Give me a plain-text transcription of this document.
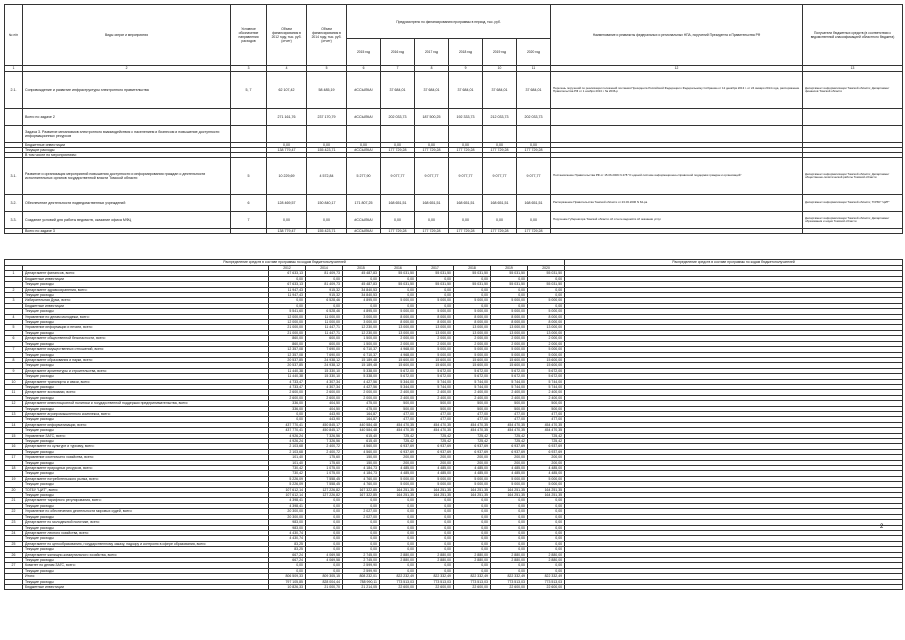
№ п/п	Виды затрат и мероприятия	Условное обозначение направления расходов	Объем финансирования в 2012 году, тыс. руб. (отчет)	Объем финансирования в 2014 году, тыс. руб. (отчет)	Предусмотрено по финансированию программы в период, тыс. руб.						Наименование и реквизиты федеральных и региональных НПА, поручений Президента и Правительства РФ	Получатели бюджетных средств (в соответствии с ведомственной классификацией областного бюджета)
					2015 год	2016 год	2017 год	2018 год	2019 год	2020 год		
1	2	3	4	5	6	7	8	9	10	11	12	13
2.1.	Сопровождение и развитие инфраструктуры электронного правительства	5, 7	62 107,42	58 485,19	#ССЫЛКА!	37 684,01	37 684,01	37 684,01	37 684,01	37 684,01	Перечень поручений по реализации положений послания Президента Российской Федерации к Федеральному Собранию от 12 декабря 2013 г. от 24 января 2014 года, распоряжение Правительства РФ от 1 ноября 2013 г. № 2036-р	Департамент информатизации Томской области; Департамент финансов Томской области
	Всего по задаче 2		271 161,76	237 170,79	#ССЫЛКА!	202 033,73	187 500,25	192 333,73	212 033,73	202 033,73		
	Задача 3. Развитие механизмов электронного взаимодействия с населением и бизнесом и повышение доступности информационных ресурсов											
	Бюджетные инвестиции		0,00	0,00	0,00	0,00	0,00	0,00	0,00	0,00		
	Текущие расходы		138 779,47	155 423,71	#ССЫЛКА!	177 729,28	177 729,28	177 729,28	177 729,28	177 729,28		
	В том числе по мероприятиям:											
3.1.	Развитие и организация мероприятий повышения доступности и информирования граждан о деятельности исполнительных органов государственной власти Томской области	5	10 229,69	4 572,84	5 277,90	9 077,77	9 077,77	9 077,77	9 077,77	9 077,77	Постановление Правительства РФ от 15.06.2009 N 478 "О единой системе информационно-справочной поддержки граждан и организаций"	Департамент информатизации Томской области; Департамент общественно-политической работы Томской области
3.2.	Обеспечение деятельности подведомственных учреждений	6	128 469,57	150 840,17	171 807,25	168 651,51	168 651,51	168 651,51	168 651,51	168 651,51	Распоряжение Правительства Томской области от 23.03.2006 N 62-ра	Департамент информатизации Томской области; ТОГБУ "ЦИТ"
3.3.	Создание условий для работы ведомств, оказание офиса МФЦ	7	0,00	0,00	#ССЫЛКА!	0,00	0,00	0,00	0,00	0,00	Поручение Губернатора Томской области об отчете ведомств об оказании услуг	Департамент информатизации Томской области; Департамент образования и науки Томской области
	Всего по задаче 3		138 779,47	155 423,71	#ССЫЛКА!	177 729,28	177 729,28	177 729,28	177 729,28	177 729,28		
Распределение средств в составе программы по кодам бюджетополучателей										Распределение средств в составе программы по кодам бюджетополучателей
		2012	2014	2015	2016	2017	2018	2019	2020	
1	Департамент финансов, всего:	67 633,13	81 409,73	45 487,83	55 031,50	55 031,50	55 031,50	55 031,50	55 031,50	
	Бюджетные инвестиции	0,00	0,00	0,00	0,00	0,00	0,00	0,00	0,00	
	Текущие расходы	67 633,13	81 409,73	45 487,83	55 031,50	55 031,50	55 031,50	55 031,50	55 031,50	
2	Департамент здравоохранения, всего:	11 947,43	915,32	34 840,53	0,00	0,00	0,00	0,00	0,00	
	Текущие расходы	11 947,43	915,32	34 840,53	0,00	0,00	0,00	0,00	0,00	
3	Избирательная Дума, всего:	0,00	6 528,46	4 895,00	5 000,00	5 000,00	5 000,00	5 000,00	5 000,00	
	Бюджетные инвестиции	0,00	0,00	0,00	0,00	0,00	0,00	0,00	0,00	
	Текущие расходы	5 541,60	6 528,46	4 895,00	5 000,00	5 000,00	5 000,00	5 000,00	5 000,00	
4	Управление по делам молодежи, всего:	12 000,00	11 000,00	3 000,00	8 000,00	8 000,00	8 000,00	8 000,00	8 000,00	
	Текущие расходы	12 000,00	11 000,00	3 000,00	8 000,00	8 000,00	8 000,00	8 000,00	8 000,00	
5	Управление информации и печати, всего:	21 000,00	11 447,71	12 230,00	13 000,00	13 000,00	13 000,00	13 000,00	13 000,00	
	Текущие расходы	21 000,00	11 447,71	12 230,00	13 000,00	13 000,00	13 000,00	13 000,00	13 000,00	
6	Департамент общественной безопасности, всего:	860,00	600,00	1 500,00	2 000,00	2 000,00	2 000,00	2 000,00	2 000,00	
	Текущие расходы	860,00	600,00	1 500,00	2 000,00	2 000,00	2 000,00	2 000,00	2 000,00	
7	Департамент имущественных отношений, всего:	12 357,08	7 690,00	6 710,37	4 968,00	5 000,00	5 000,00	5 000,00	5 000,00	
	Текущие расходы	12 357,08	7 690,00	6 710,37	4 968,00	5 000,00	5 000,00	5 000,00	5 000,00	
8	Департамент образования и науки, всего:	20 537,85	24 938,12	15 189,48	15 600,00	15 600,00	15 600,00	15 600,00	15 600,00	
	Текущие расходы	20 537,85	24 938,12	15 189,48	15 600,00	15 600,00	15 600,00	15 600,00	15 600,00	
9	Департамент архитектуры и строительства, всего:	11 440,38	15 330,10	5 338,00	5 672,00	5 672,00	5 672,00	5 672,00	5 672,00	
	Текущие расходы	11 440,38	15 330,10	5 338,00	5 672,00	5 672,00	5 672,00	5 672,00	5 672,00	
10	Департамент транспорта и связи, всего:	4 733,47	4 307,34	4 427,56	5 344,00	5 744,00	5 744,00	5 744,00	5 744,00	
	Текущие расходы	4 733,47	4 307,34	4 427,56	5 344,00	5 744,00	5 744,00	5 744,00	5 744,00	
11	Департамент экономики, всего:	2 600,00	2 600,00	2 000,00	2 400,00	2 400,00	2 400,00	2 400,00	2 400,00	
	Текущие расходы	2 600,00	2 600,00	2 000,00	2 400,00	2 400,00	2 400,00	2 400,00	2 400,00	
12	Департамент инвестиционной политики и государственной поддержки предпринимательства, всего:	336,00	404,50	475,00	500,00	500,00	500,00	500,00	500,00	
	Текущие расходы	336,00	404,50	475,00	500,00	500,00	500,00	500,00	500,00	
13	Департамент агропромышленного комплекса, всего:	0,00	443,90	164,87	477,00	477,00	477,00	477,00	477,00	
	Текущие расходы	0,00	443,90	164,87	477,00	477,00	477,00	477,00	477,00	
14	Департамент информатизации, всего:	437 770,41	450 845,17	440 584,48	454 470,35	454 470,35	454 470,35	454 470,35	454 470,35	
	Текущие расходы	437 770,41	450 845,17	440 584,48	454 470,35	454 470,35	454 470,35	454 470,35	454 470,35	
15	Управление ЗАГС, всего:	4 926,24	7 326,56	615,40	725,42	725,42	725,42	725,42	725,42	
	Текущие расходы	4 926,24	7 326,56	615,40	725,42	725,42	725,42	725,42	725,42	
16	Департамент по культуре и туризму, всего:	2 103,68	2 400,72	4 560,00	6 937,69	6 937,69	6 937,69	6 937,69	6 937,69	
	Текущие расходы	2 103,68	2 400,72	4 560,00	6 937,69	6 937,69	6 937,69	6 937,69	6 937,69	
17	Управление охотничьего хозяйства, всего:	101,40	175,60	150,00	200,00	200,00	200,00	200,00	200,00	
	Текущие расходы	101,40	175,60	150,00	200,00	200,00	200,00	200,00	200,00	
18	Департамент природных ресурсов, всего:	730,42	1 075,00	4 184,73	4 485,00	4 485,00	4 485,00	4 485,00	4 485,00	
	Текущие расходы	730,42	1 075,00	4 184,73	4 485,00	4 485,00	4 485,00	4 485,00	4 485,00	
19	Департамент потребительского рынка, всего:	5 226,09	7 558,45	4 760,00	5 000,00	5 000,00	5 000,00	5 000,00	5 000,00	
	Текущие расходы	5 226,09	7 558,45	4 760,00	5 000,00	5 000,00	5 000,00	5 000,00	5 000,00	
20	ТОГБУ "ЦИТ", всего:	107 612,14	127 226,82	167 322,85	164 251,35	164 251,35	164 251,35	164 251,35	164 251,35	
	Текущие расходы	107 612,14	127 226,82	167 322,85	164 251,35	164 251,35	164 251,35	164 251,35	164 251,35	
21	Департамент тарифного регулирования, всего:	4 398,41	0,00	0,00	0,00	0,00	0,00	0,00	0,00	
	Текущие расходы	4 398,41	0,00	0,00	0,00	0,00	0,00	0,00	0,00	
22	Управление по обеспечению деятельности мировых судей, всего:	20 300,00	0,00	2 027,00	0,00	0,00	0,00	0,00	0,00	
	Текущие расходы	20 300,00	0,00	2 027,00	0,00	0,00	0,00	0,00	0,00	
23	Департамент по молодежной политике, всего:	983,00	0,00	0,00	0,00	0,00	0,00	0,00	0,00	
	Текущие расходы	983,00	0,00	0,00	0,00	0,00	0,00	0,00	0,00	
24	Департамент лесного хозяйства, всего:	4 430,74	0,00	0,00	0,00	0,00	0,00	0,00	0,00	
	Текущие расходы	4 430,74	0,00	0,00	0,00	0,00	0,00	0,00	0,00	
25	Департамент по ценообразованию, государственному заказу, надзору и контролю в сфере образования, всего:	83,25	0,00	0,00	0,00	0,00	0,00	0,00	0,00	
	Текущие расходы	83,25	0,00	0,00	0,00	0,00	0,00	0,00	0,00	
26	Департамент жилищно-коммунального хозяйства, всего:	667,24	4 069,58	2 745,00	2 880,00	2 880,00	2 880,00	2 880,00	2 880,00	
	Текущие расходы	667,24	4 069,58	2 745,00	2 880,00	2 880,00	2 880,00	2 880,00	2 880,00	
27	Комитет по делам ЗАГС, всего:	0,00	0,00	2 599,90	0,00	0,00	0,00	0,00	0,00	
	Текущие расходы	0,00	0,00	2 599,90	0,00	0,00	0,00	0,00	0,00	
	Итого:	806 509,33	809 305,15	808 232,01	822 232,49	822 332,49	822 332,49	822 332,49	822 332,49	
	Текущие расходы	797 105,85	828 004,44	788 990,11	773 513,03	773 513,03	773 513,03	773 513,03	773 513,03	
	Бюджетные инвестиции	10 826,33	21 000,70	21 214,05	22 600,00	22 600,00	22 600,00	22 600,00	22 600,00	
2
